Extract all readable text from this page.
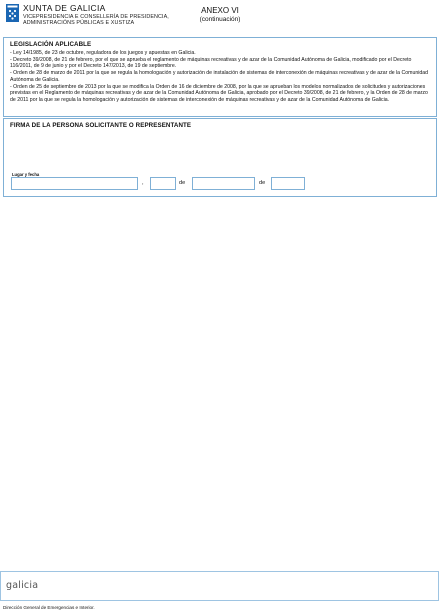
XUNTA DE GALICIA
VICEPRESIDENCIA E CONSELLERÍA DE PRESIDENCIA,
ADMINISTRACIÓNS PÚBLICAS E XUSTIZA
ANEXO VI
(continuación)
LEGISLACIÓN APLICABLE

- Ley 14/1985, de 23 de octubre, reguladora de los juegos y apuestas en Galicia.

- Decreto 39/2008, de 21 de febrero, por el que se aprueba el reglamento de máquinas recreativas y de azar de la Comunidad Autónoma de Galicia, modificado por el Decreto 116/2011, de 9 de junio y por el Decreto 147/2013, de 19 de septiembre.

- Orden de 28 de marzo de 2011 por la que se regula la homologación y autorización de instalación de sistemas de interconexión de máquinas recreativas y de azar de la Comunidad Autónoma de Galicia.

- Orden de 25 de septiembre de 2013 por la que se modifica la Orden de 16 de diciembre de 2008, por la que se aprueban los modelos normalizados de solicitudes y autorizaciones previstas en el Reglamento de máquinas recreativas y de azar de la Comunidad Autónoma de Galicia, aprobado por el Decreto 39/2008, de 21 de febrero, y la Orden de 28 de marzo de 2011 por la que se regula la homologación y autorización de sistemas de interconexión de máquinas recreativas y de azar de la Comunidad Autónoma de Galicia.

FIRMA DE LA PERSONA SOLICITANTE O REPRESENTANTE
Lugar y fecha
,	de	de
galicia
Dirección General de Emergencias e Interior.
